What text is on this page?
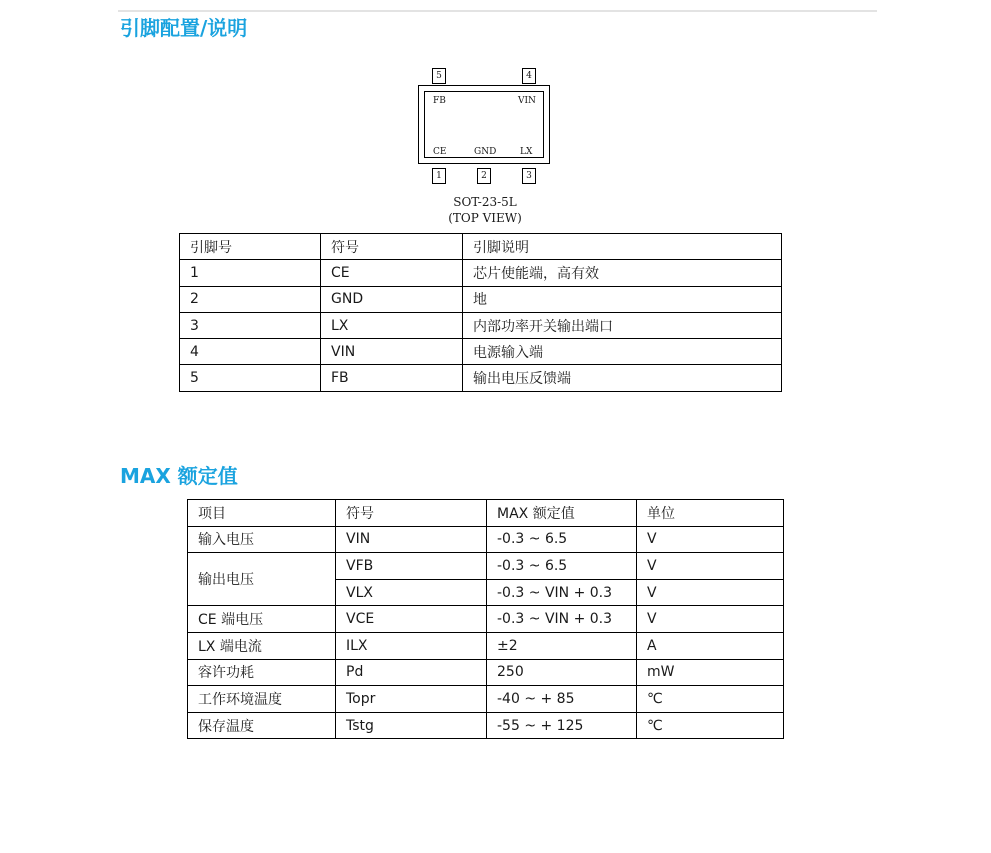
引脚配置/说明
5	4
FB	VIN
CE	GND	LX
1	2	3
SOT-23-5L
(TOP VIEW)
引脚号	符号	引脚说明
1	CE	芯片使能端，高有效
2	GND	地
3	LX	内部功率开关输出端口
4	VIN	电源输入端
5	FB	输出电压反馈端
MAX 额定值
项目	符号	MAX 额定值	单位
输入电压	VIN	-0.3 ~ 6.5	V
输出电压	VFB	-0.3 ~ 6.5	V
	VLX	-0.3 ~ VIN + 0.3	V
CE 端电压	VCE	-0.3 ~ VIN + 0.3	V
LX 端电流	ILX	±2	A
容许功耗	Pd	250	mW
工作环境温度	Topr	-40 ~ + 85	℃
保存温度	Tstg	-55 ~ + 125	℃
